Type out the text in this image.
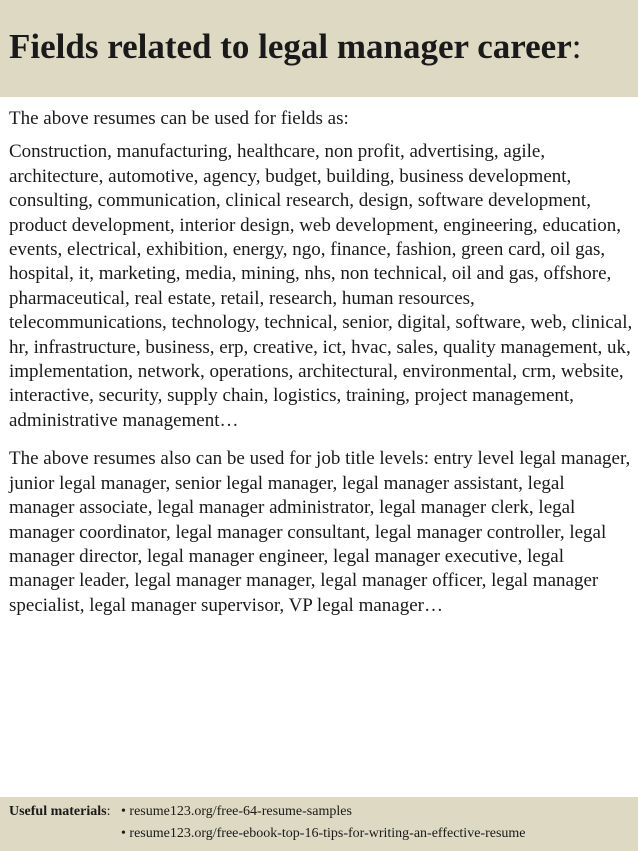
Fields related to legal manager career:

The above resumes can be used for fields as:

Construction, manufacturing, healthcare, non profit, advertising, agile, architecture, automotive, agency, budget, building, business development, consulting, communication, clinical research, design, software development, product development, interior design, web development, engineering, education, events, electrical, exhibition, energy, ngo, finance, fashion, green card, oil gas, hospital, it, marketing, media, mining, nhs, non technical, oil and gas, offshore, pharmaceutical, real estate, retail, research, human resources, telecommunications, technology, technical, senior, digital, software, web, clinical, hr, infrastructure, business, erp, creative, ict, hvac, sales, quality management, uk, implementation, network, operations, architectural, environmental, crm, website, interactive, security, supply chain, logistics, training, project management, administrative management…

The above resumes also can be used for job title levels: entry level legal manager, junior legal manager, senior legal manager, legal manager assistant, legal manager associate, legal manager administrator, legal manager clerk, legal manager coordinator, legal manager consultant, legal manager controller, legal manager director, legal manager engineer, legal manager executive, legal manager leader, legal manager manager, legal manager officer, legal manager specialist, legal manager supervisor, VP legal manager…

Useful materials: • resume123.org/free-64-resume-samples
• resume123.org/free-ebook-top-16-tips-for-writing-an-effective-resume
